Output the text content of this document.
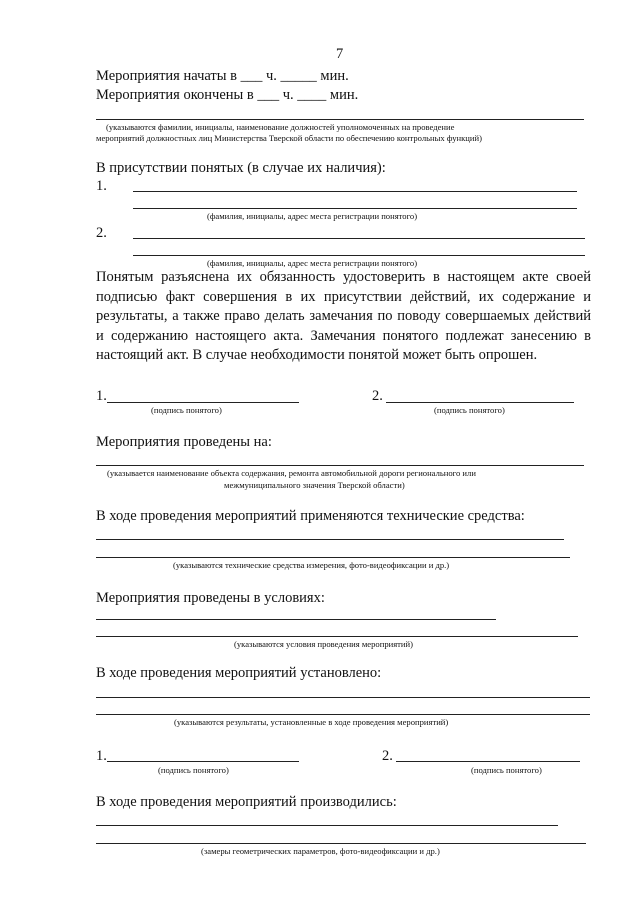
7
Мероприятия начаты в ___ ч. _____ мин.
Мероприятия окончены в ___ ч. ____ мин.
(указываются фамилии, инициалы, наименование должностей уполномоченных на проведение
мероприятий должностных лиц Министерства Тверской области по обеспечению контрольных функций)
В присутствии понятых (в случае их наличия):
1.
(фамилия, инициалы, адрес места регистрации понятого)
2.
(фамилия, инициалы, адрес места регистрации понятого)
Понятым разъяснена их обязанность удостоверить в настоящем акте своей подписью факт совершения в их присутствии действий, их содержание и результаты, а также право делать замечания по поводу совершаемых действий и содержанию настоящего акта. Замечания понятого подлежат занесению в настоящий акт. В случае необходимости понятой может быть опрошен.
1.
(подпись понятого)
2.
(подпись понятого)
Мероприятия проведены на:
(указывается наименование объекта содержания, ремонта автомобильной дороги регионального или
межмуниципального значения Тверской области)
В ходе проведения мероприятий применяются технические средства:
(указываются технические средства измерения, фото-видеофиксации и др.)
Мероприятия проведены в условиях:
(указываются условия проведения мероприятий)
В ходе проведения мероприятий установлено:
(указываются результаты, установленные в ходе проведения мероприятий)
1.
(подпись понятого)
2.
(подпись понятого)
В ходе проведения мероприятий производились:
(замеры геометрических параметров, фото-видеофиксации и др.)
